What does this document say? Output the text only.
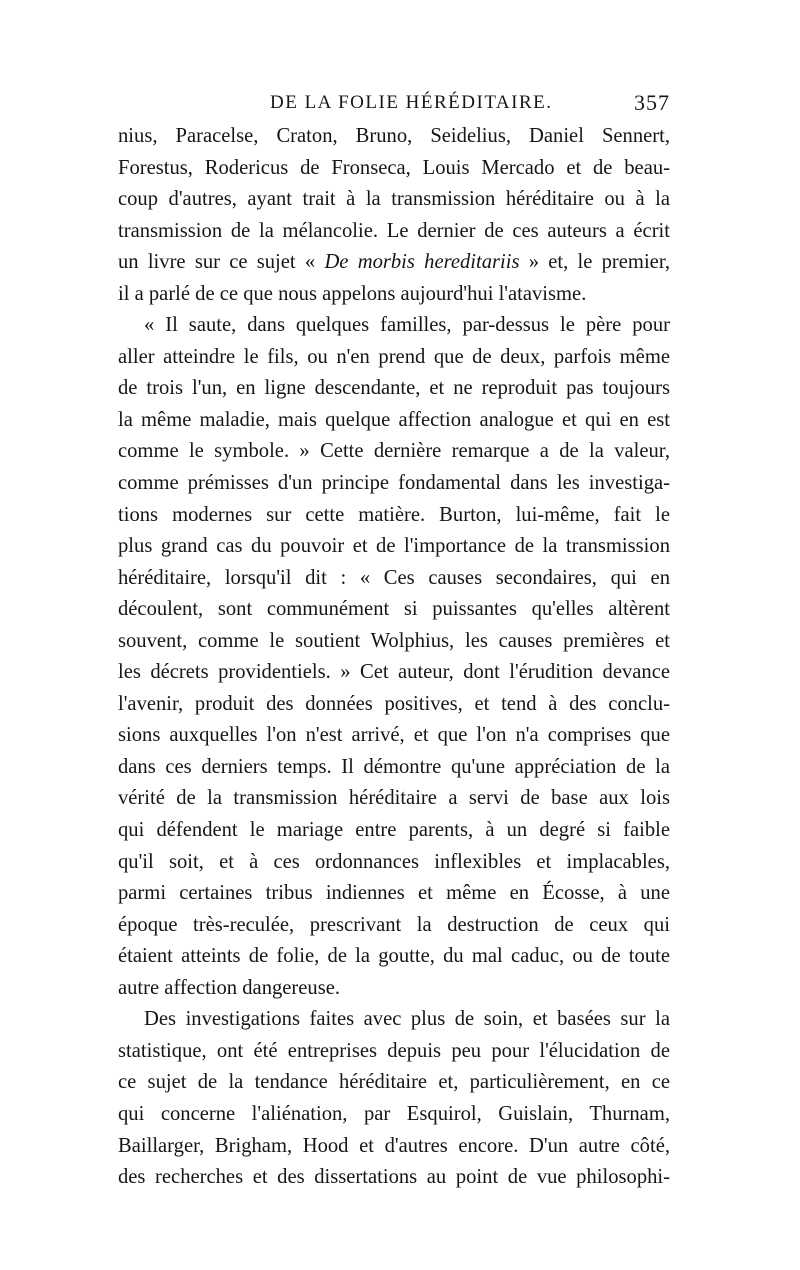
DE LA FOLIE HÉRÉDITAIRE.	357
nius, Paracelse, Craton, Bruno, Seidelius, Daniel Sennert,
Forestus, Rodericus de Fronseca, Louis Mercado et de beau-
coup d'autres, ayant trait à la transmission héréditaire ou à la
transmission de la mélancolie. Le dernier de ces auteurs a écrit
un livre sur ce sujet « De morbis hereditariis » et, le premier,
il a parlé de ce que nous appelons aujourd'hui l'atavisme.
« Il saute, dans quelques familles, par-dessus le père pour
aller atteindre le fils, ou n'en prend que de deux, parfois même
de trois l'un, en ligne descendante, et ne reproduit pas toujours
la même maladie, mais quelque affection analogue et qui en est
comme le symbole. » Cette dernière remarque a de la valeur,
comme prémisses d'un principe fondamental dans les investiga-
tions modernes sur cette matière. Burton, lui-même, fait le
plus grand cas du pouvoir et de l'importance de la transmission
héréditaire, lorsqu'il dit : « Ces causes secondaires, qui en
découlent, sont communément si puissantes qu'elles altèrent
souvent, comme le soutient Wolphius, les causes premières et
les décrets providentiels. » Cet auteur, dont l'érudition devance
l'avenir, produit des données positives, et tend à des conclu-
sions auxquelles l'on n'est arrivé, et que l'on n'a comprises que
dans ces derniers temps. Il démontre qu'une appréciation de la
vérité de la transmission héréditaire a servi de base aux lois
qui défendent le mariage entre parents, à un degré si faible
qu'il soit, et à ces ordonnances inflexibles et implacables,
parmi certaines tribus indiennes et même en Écosse, à une
époque très-reculée, prescrivant la destruction de ceux qui
étaient atteints de folie, de la goutte, du mal caduc, ou de toute
autre affection dangereuse.
Des investigations faites avec plus de soin, et basées sur la
statistique, ont été entreprises depuis peu pour l'élucidation de
ce sujet de la tendance héréditaire et, particulièrement, en ce
qui concerne l'aliénation, par Esquirol, Guislain, Thurnam,
Baillarger, Brigham, Hood et d'autres encore. D'un autre côté,
des recherches et des dissertations au point de vue philosophi-
